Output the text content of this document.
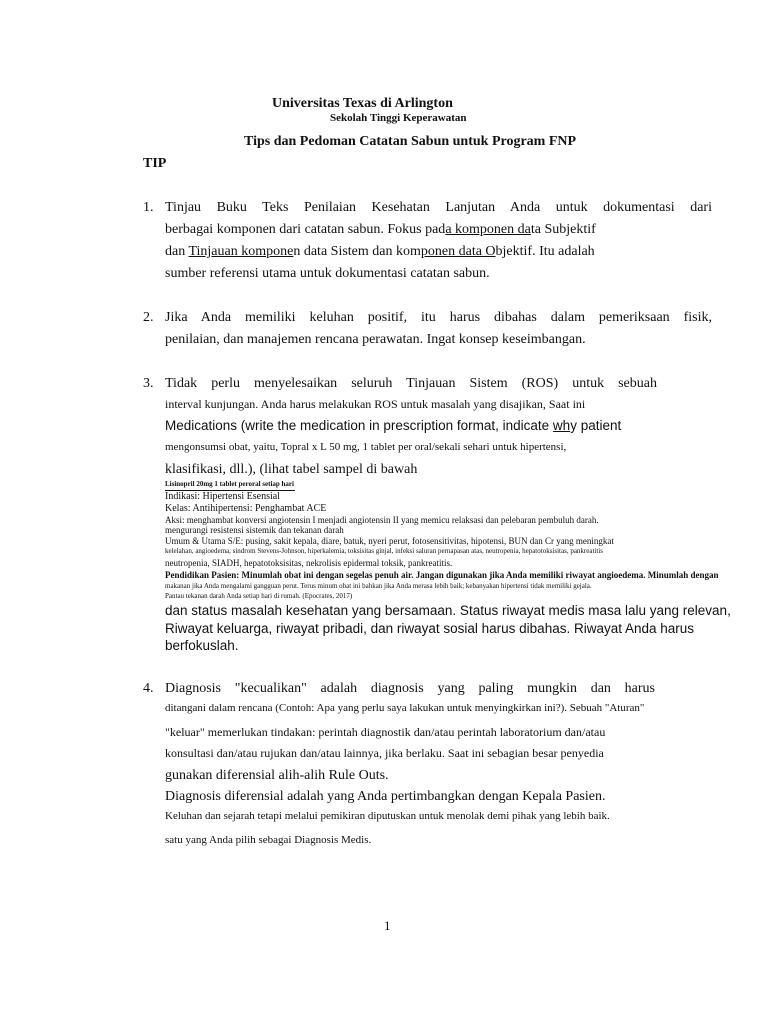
Universitas Texas di Arlington
Sekolah Tinggi Keperawatan
Tips dan Pedoman Catatan Sabun untuk Program FNP
TIP
1. Tinjau Buku Teks Penilaian Kesehatan Lanjutan Anda untuk dokumentasi dari
berbagai komponen dari catatan sabun. Fokus pada komponen data Subjektif
dan Tinjauan komponen data Sistem dan komponen data Objektif. Itu adalah
sumber referensi utama untuk dokumentasi catatan sabun.
2. Jika Anda memiliki keluhan positif, itu harus dibahas dalam pemeriksaan fisik,
penilaian, dan manajemen rencana perawatan. Ingat konsep keseimbangan.
3. Tidak perlu menyelesaikan seluruh Tinjauan Sistem (ROS) untuk sebuah
interval kunjungan. Anda harus melakukan ROS untuk masalah yang disajikan, Saat ini
Medications (write the medication in prescription format, indicate why patient
mengonsumsi obat, yaitu, Topral x L 50 mg, 1 tablet per oral/sekali sehari untuk hipertensi,
klasifikasi, dll.), (lihat tabel sampel di bawah
Lisinopril 20mg 1 tablet peroral setiap hari
Indikasi: Hipertensi Esensial
Kelas: Antihipertensi: Penghambat ACE
Aksi: menghambat konversi angiotensin I menjadi angiotensin II yang memicu relaksasi dan pelebaran pembuluh darah.
mengurangi resistensi sistemik dan tekanan darah
Umum & Utama S/E: pusing, sakit kepala, diare, batuk, nyeri perut, fotosensitivitas, hipotensi, BUN dan Cr yang meningkat
kelelahan, angioedema, sindrom Stevens-Johnson, hiperkalemia, toksisitas ginjal, infeksi saluran pernapasan atas, neutropenia, hepatotoksisitas, pankreatitis
neutropenia, SIADH, hepatotoksisitas, nekrolisis epidermal toksik, pankreatitis.
Pendidikan Pasien: Minumlah obat ini dengan segelas penuh air. Jangan digunakan jika Anda memiliki riwayat angioedema. Minumlah dengan
makanan jika Anda mengalami gangguan perut. Terus minum obat ini bahkan jika Anda merasa lebih baik; kebanyakan hipertensi tidak memiliki gejala.
Pantau tekanan darah Anda setiap hari di rumah. (Epocrates, 2017)
dan status masalah kesehatan yang bersamaan. Status riwayat medis masa lalu yang relevan,
Riwayat keluarga, riwayat pribadi, dan riwayat sosial harus dibahas. Riwayat Anda harus
berfokuslah.
4. Diagnosis "kecualikan" adalah diagnosis yang paling mungkin dan harus
ditangani dalam rencana (Contoh: Apa yang perlu saya lakukan untuk menyingkirkan ini?). Sebuah "Aturan"
"keluar" memerlukan tindakan: perintah diagnostik dan/atau perintah laboratorium dan/atau
konsultasi dan/atau rujukan dan/atau lainnya, jika berlaku. Saat ini sebagian besar penyedia
gunakan diferensial alih-alih Rule Outs.
Diagnosis diferensial adalah yang Anda pertimbangkan dengan Kepala Pasien.
Keluhan dan sejarah tetapi melalui pemikiran diputuskan untuk menolak demi pihak yang lebih baik.
satu yang Anda pilih sebagai Diagnosis Medis.
1
